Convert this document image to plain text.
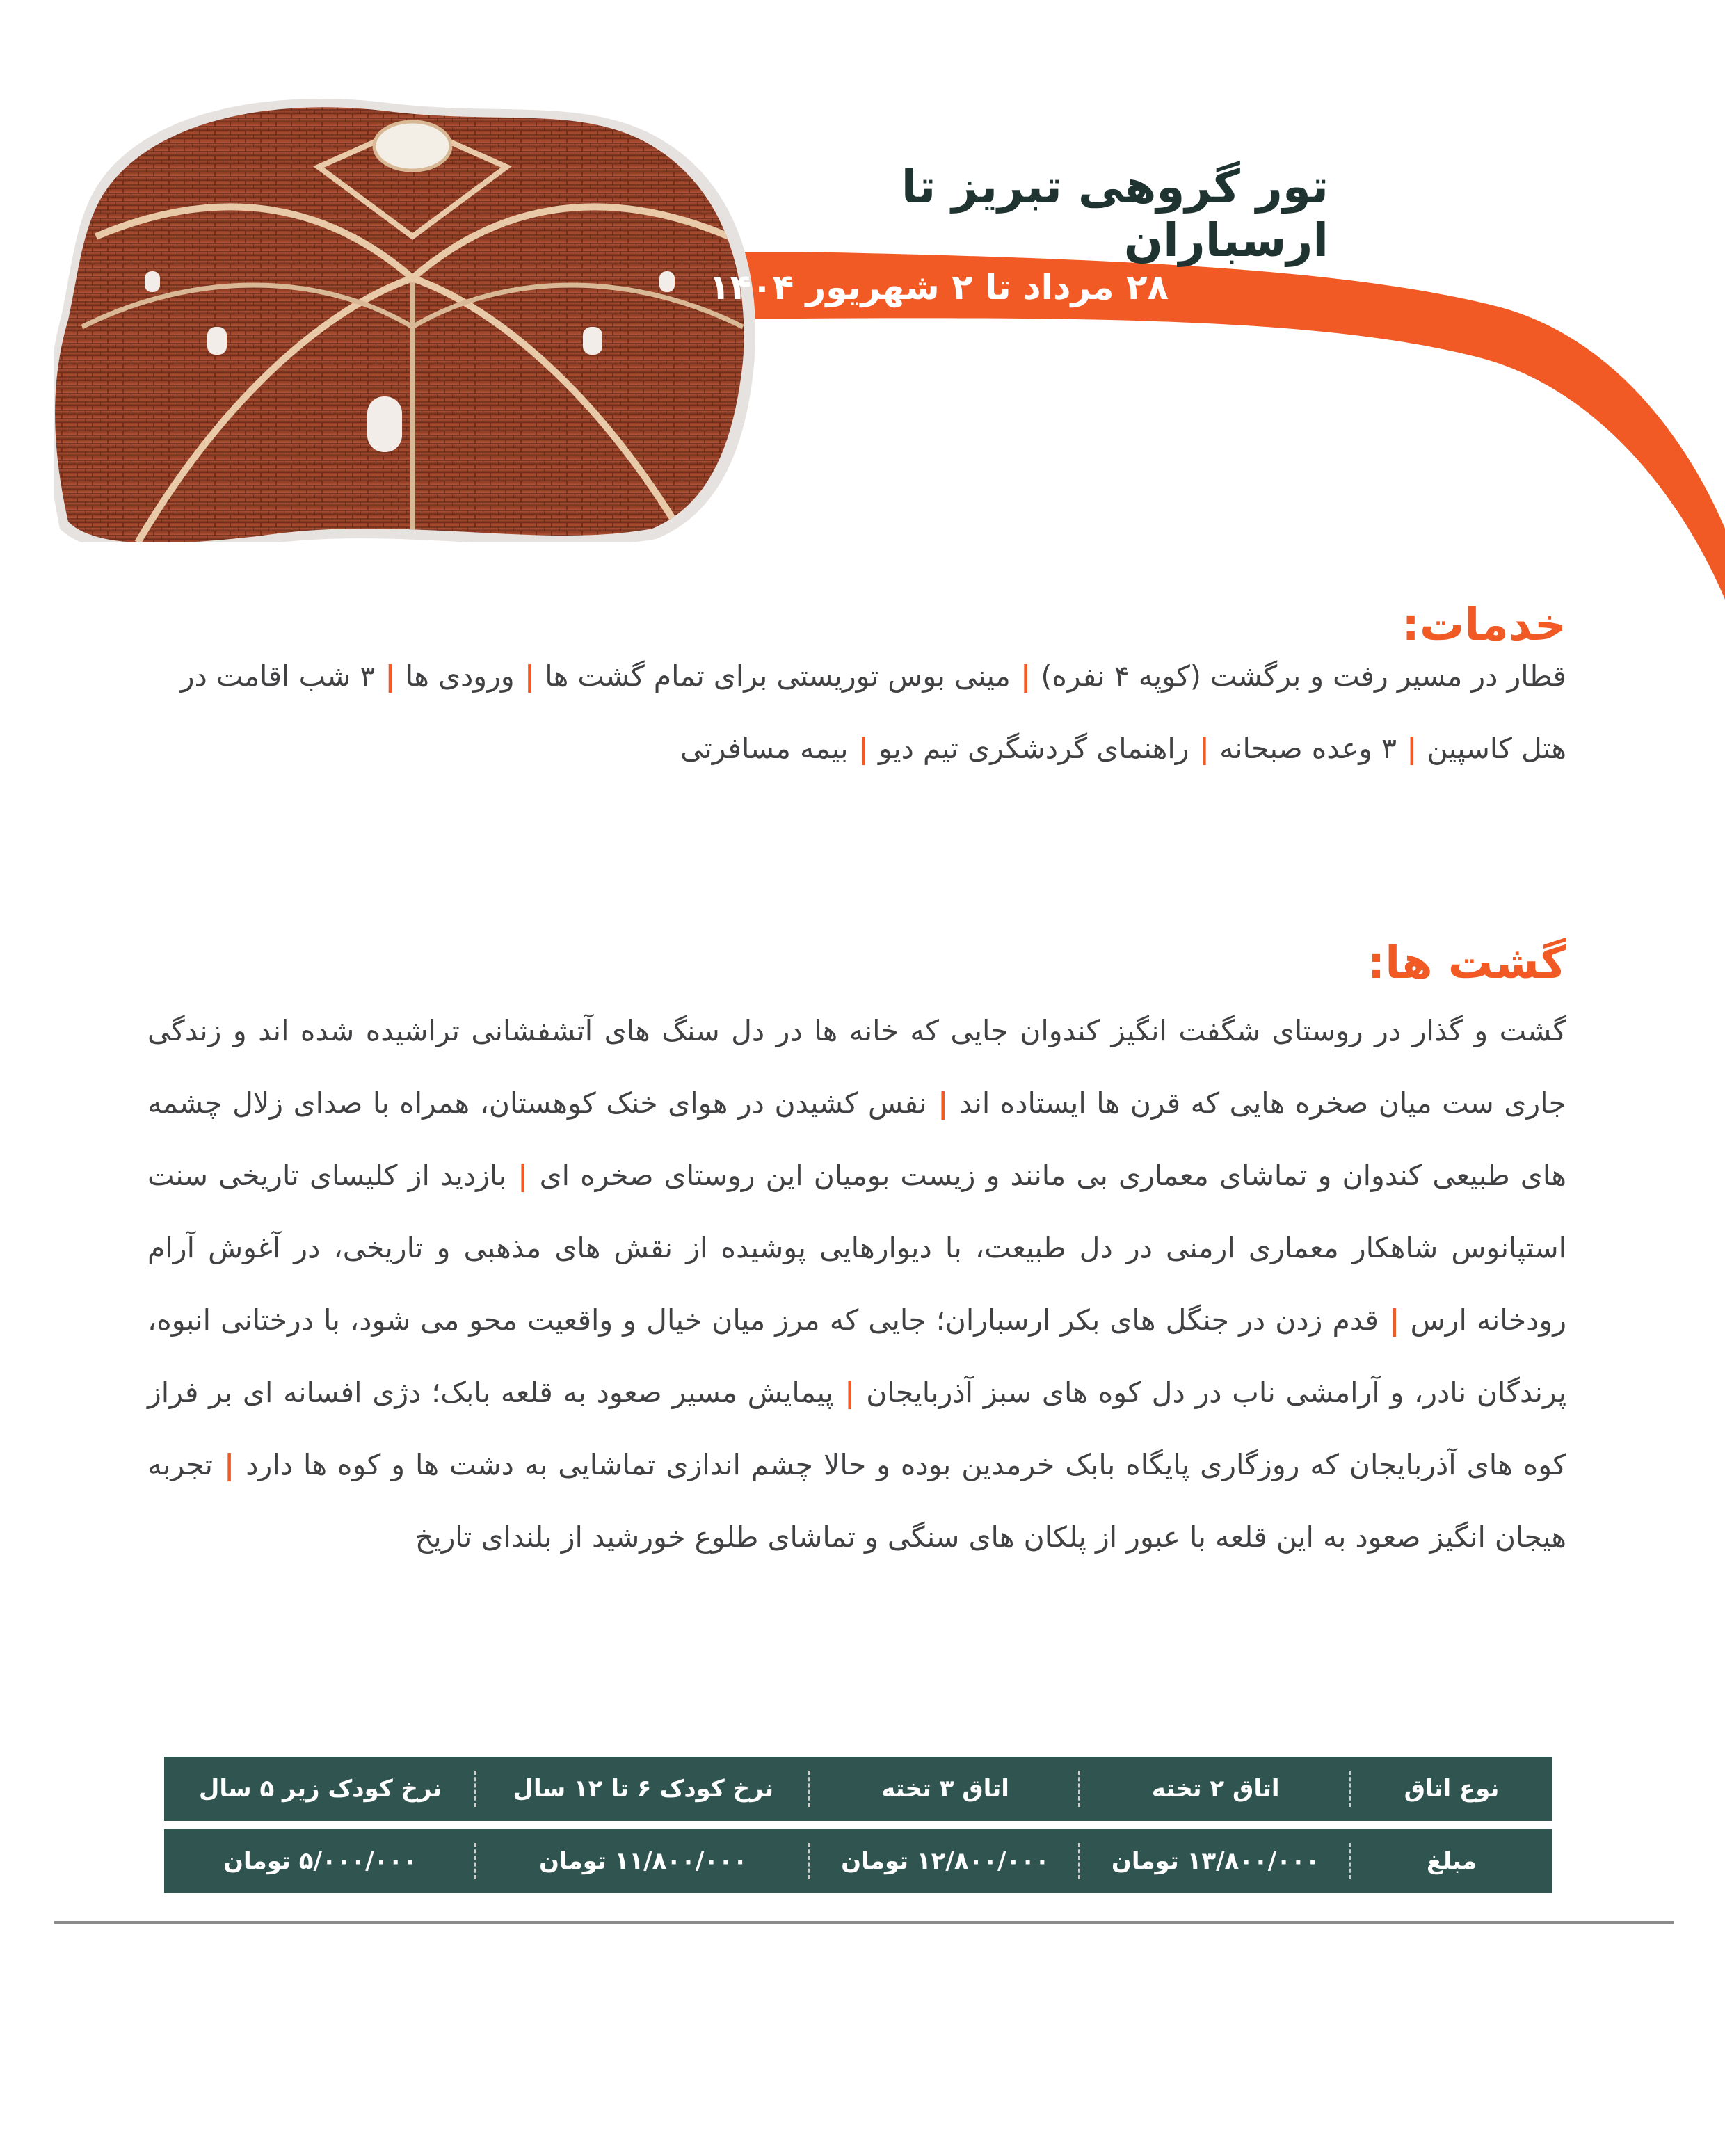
تور گروهی تبریز تا ارسباران
۲۸ مرداد تا ۲ شهریور ۱۴۰۴
خدمات:

قطار در مسیر رفت و برگشت (کوپه ۴ نفره) | مینی بوس توریستی برای تمام گشت ها | ورودی ها | ۳ شب اقامت در هتل کاسپین | ۳ وعده صبحانه | راهنمای گردشگری تیم دیو | بیمه مسافرتی

گشت ها:

گشت و گذار در روستای شگفت انگیز کندوان جایی که خانه ها در دل سنگ های آتشفشانی تراشیده شده اند و زندگی جاری ست میان صخره هایی که قرن ها ایستاده اند | نفس کشیدن در هوای خنک کوهستان، همراه با صدای زلال چشمه های طبیعی کندوان و تماشای معماری بی مانند و زیست بومیان این روستای صخره ای | بازدید از کلیسای تاریخی سنت استپانوس شاهکار معماری ارمنی در دل طبیعت، با دیوارهایی پوشیده از نقش های مذهبی و تاریخی، در آغوش آرام رودخانه ارس | قدم زدن در جنگل های بکر ارسباران؛ جایی که مرز میان خیال و واقعیت محو می شود، با درختانی انبوه، پرندگان نادر، و آرامشی ناب در دل کوه های سبز آذربایجان | پیمایش مسیر صعود به قلعه بابک؛ دژی افسانه ای بر فراز کوه های آذربایجان که روزگاری پایگاه بابک خرمدین بوده و حالا چشم اندازی تماشایی به دشت ها و کوه ها دارد | تجربه هیجان انگیز صعود به این قلعه با عبور از پلکان های سنگی و تماشای طلوع خورشید از بلندای تاریخ

نوع اتاق	اتاق ۲ تخته	اتاق ۳ تخته	نرخ کودک ۶ تا ۱۲ سال	نرخ کودک زیر ۵ سال
مبلغ	۱۳/۸۰۰/۰۰۰ تومان	۱۲/۸۰۰/۰۰۰ تومان	۱۱/۸۰۰/۰۰۰ تومان	۵/۰۰۰/۰۰۰ تومان
